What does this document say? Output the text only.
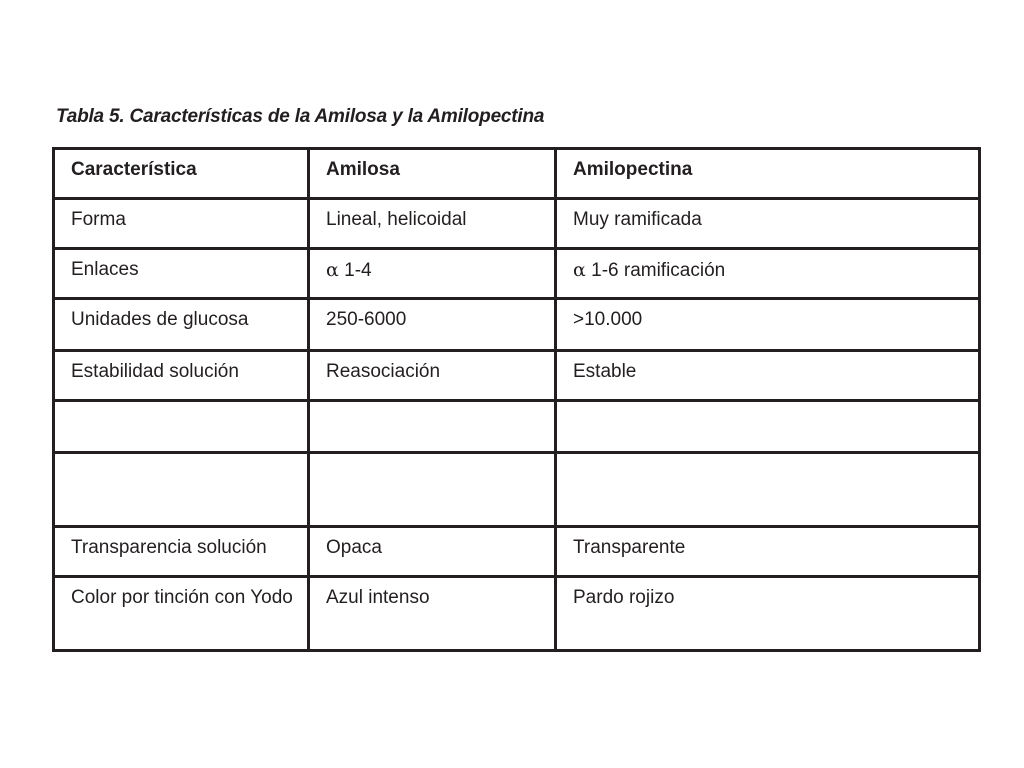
Tabla 5. Características de la Amilosa y la Amilopectina
Característica	Amilosa	Amilopectina
Forma	Lineal, helicoidal	Muy ramificada
Enlaces	α 1-4	α 1-6 ramificación
Unidades de glucosa	250-6000	>10.000
Estabilidad solución	Reasociación	Estable

Transparencia solución	Opaca	Transparente
Color por tinción con Yodo	Azul intenso	Pardo rojizo
